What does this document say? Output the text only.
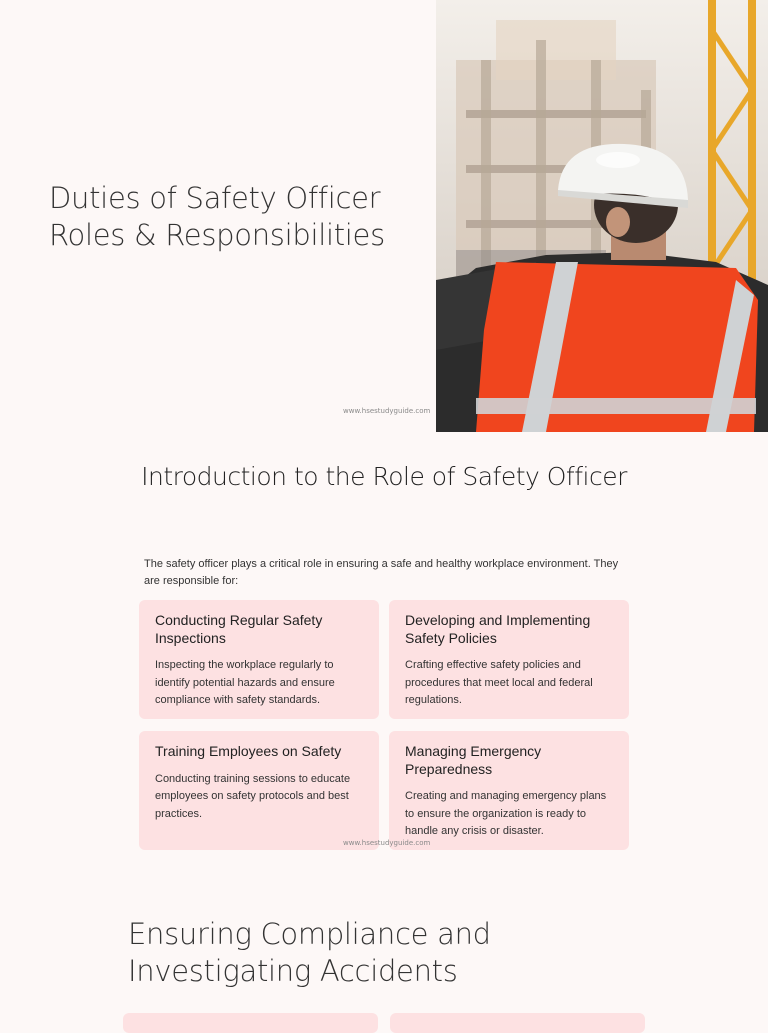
Duties of Safety Officer
Roles & Responsibilities
www.hsestudyguide.com
Introduction to the Role of Safety Officer
The safety officer plays a critical role in ensuring a safe and healthy workplace environment. They are responsible for:
Conducting Regular Safety Inspections

Inspecting the workplace regularly to identify potential hazards and ensure compliance with safety standards.

Developing and Implementing Safety Policies

Crafting effective safety policies and procedures that meet local and federal regulations.

Training Employees on Safety

Conducting training sessions to educate employees on safety protocols and best practices.

Managing Emergency Preparedness

Creating and managing emergency plans to ensure the organization is ready to handle any crisis or disaster.

www.hsestudyguide.com
Ensuring Compliance and Investigating Accidents
